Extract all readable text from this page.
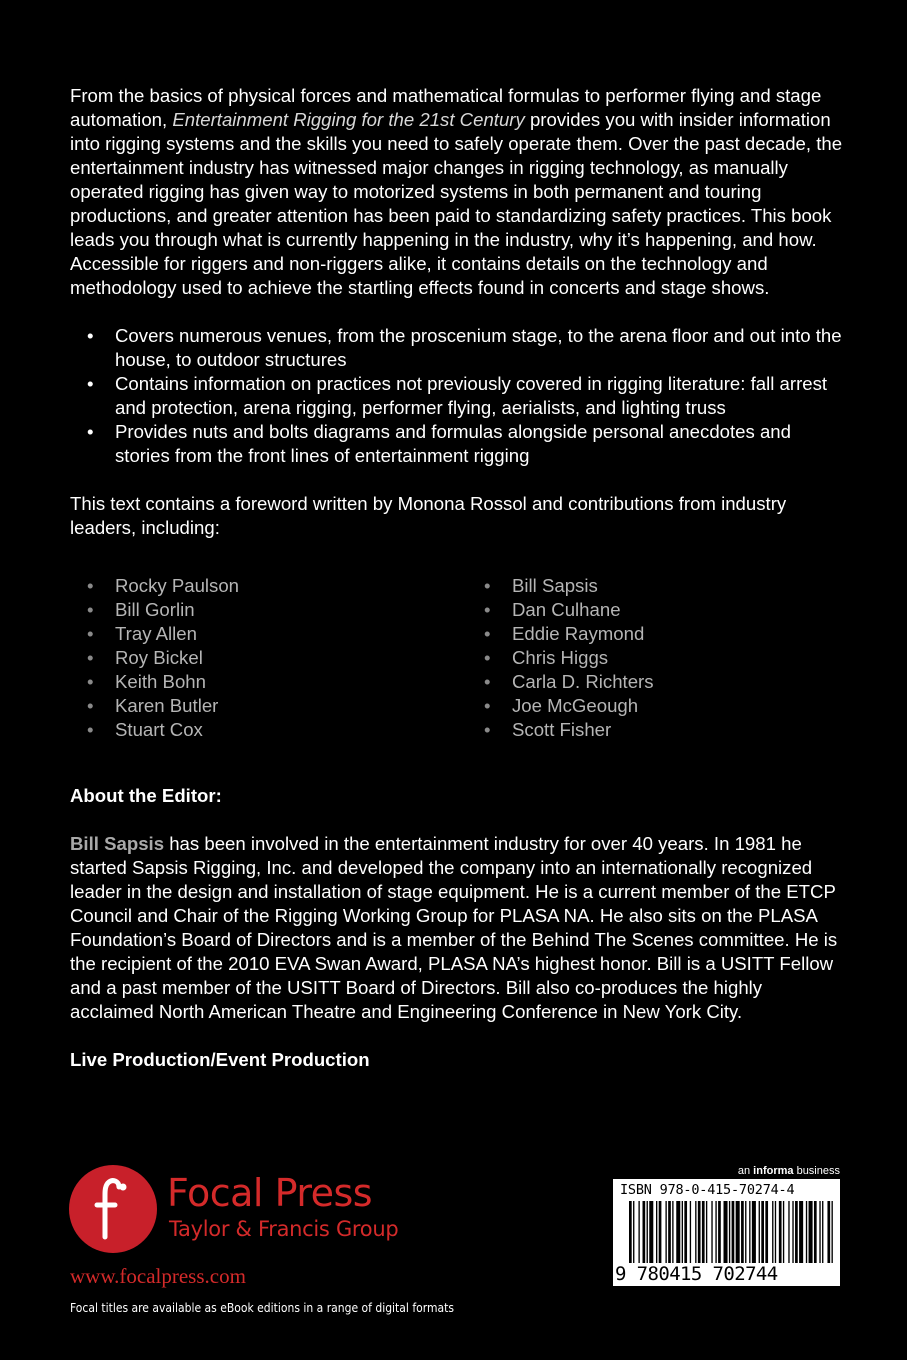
From the basics of physical forces and mathematical formulas to performer flying and stage automation, Entertainment Rigging for the 21st Century provides you with insider information into rigging systems and the skills you need to safely operate them. Over the past decade, the entertainment industry has witnessed major changes in rigging technology, as manually operated rigging has given way to motorized systems in both permanent and touring productions, and greater attention has been paid to standardizing safety practices. This book leads you through what is currently happening in the industry, why it’s happening, and how. Accessible for riggers and non-riggers alike, it contains details on the technology and methodology used to achieve the startling effects found in concerts and stage shows.

• Covers numerous venues, from the proscenium stage, to the arena floor and out into the house, to outdoor structures
• Contains information on practices not previously covered in rigging literature: fall arrest and protection, arena rigging, performer flying, aerialists, and lighting truss
• Provides nuts and bolts diagrams and formulas alongside personal anecdotes and stories from the front lines of entertainment rigging

This text contains a foreword written by Monona Rossol and contributions from industry leaders, including:

• Rocky Paulson
• Bill Gorlin
• Tray Allen
• Roy Bickel
• Keith Bohn
• Karen Butler
• Stuart Cox
• Bill Sapsis
• Dan Culhane
• Eddie Raymond
• Chris Higgs
• Carla D. Richters
• Joe McGeough
• Scott Fisher
About the Editor:

Bill Sapsis has been involved in the entertainment industry for over 40 years. In 1981 he started Sapsis Rigging, Inc. and developed the company into an internationally recognized leader in the design and installation of stage equipment. He is a current member of the ETCP Council and Chair of the Rigging Working Group for PLASA NA. He also sits on the PLASA Foundation’s Board of Directors and is a member of the Behind The Scenes committee. He is the recipient of the 2010 EVA Swan Award, PLASA NA’s highest honor. Bill is a USITT Fellow and a past member of the USITT Board of Directors. Bill also co-produces the highly acclaimed North American Theatre and Engineering Conference in New York City.

Live Production/Event Production
Focal Press
Taylor & Francis Group
www.focalpress.com
Focal titles are available as eBook editions in a range of digital formats
an informa business
ISBN 978-0-415-70274-4
9 780415 702744
